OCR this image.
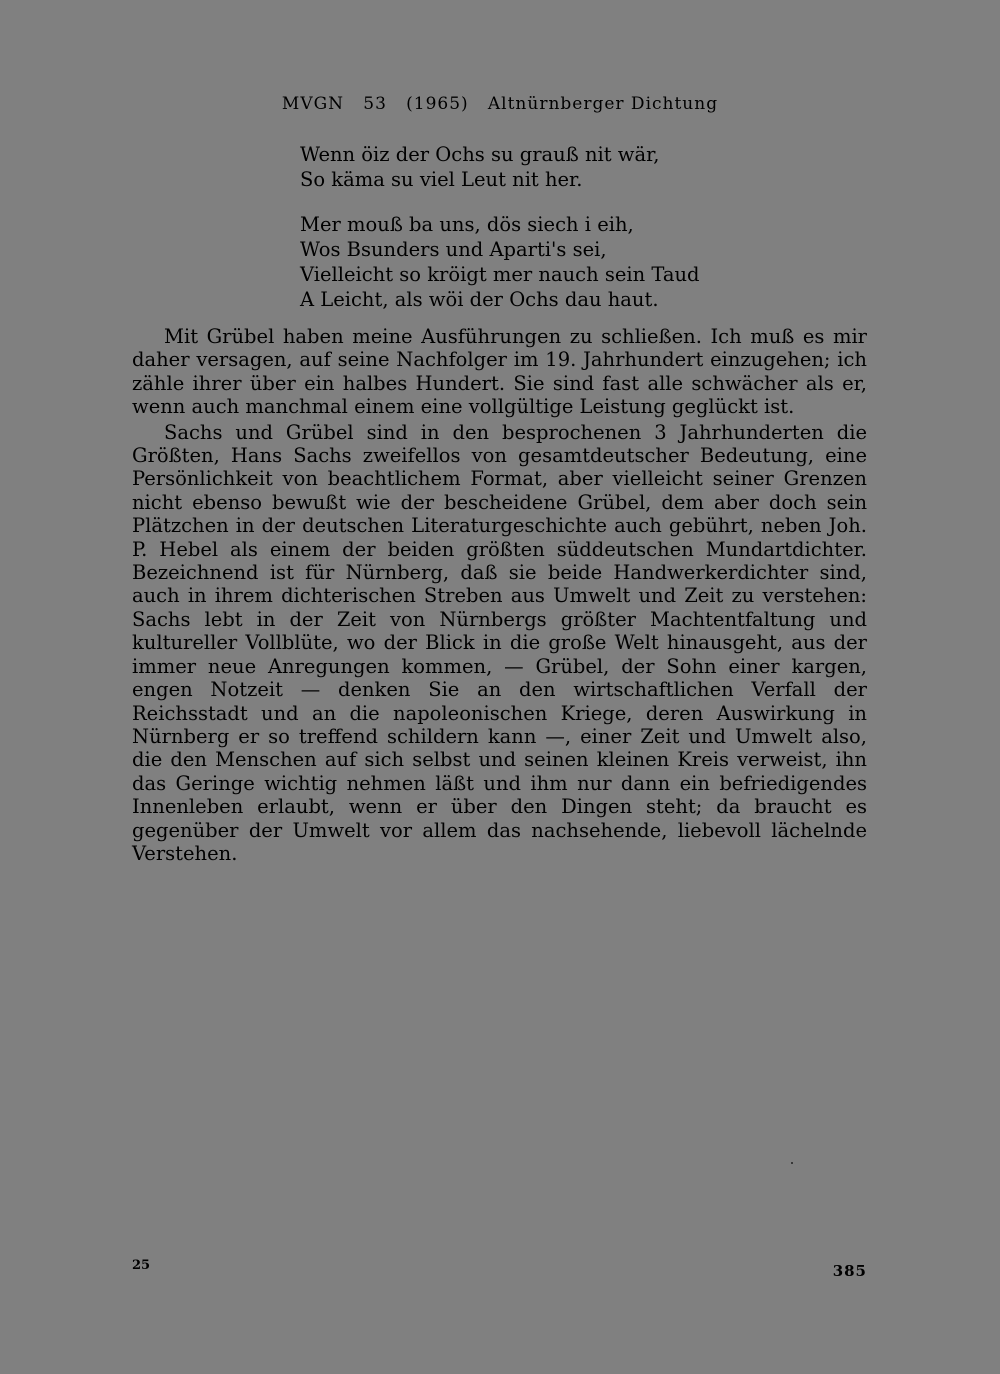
MVGN 53 (1965) Altnürnberger Dichtung
Wenn öiz der Ochs su grauß nit wär,
So käma su viel Leut nit her.
Mer mouß ba uns, dös siech i eih,
Wos Bsunders und Aparti's sei,
Vielleicht so kröigt mer nauch sein Taud
A Leicht, als wöi der Ochs dau haut.

Mit Grübel haben meine Ausführungen zu schließen. Ich muß es mir daher versagen, auf seine Nachfolger im 19. Jahrhundert einzugehen; ich zähle ihrer über ein halbes Hundert. Sie sind fast alle schwächer als er, wenn auch manchmal einem eine vollgültige Leistung geglückt ist.

Sachs und Grübel sind in den besprochenen 3 Jahrhunderten die Größten, Hans Sachs zweifellos von gesamtdeutscher Bedeutung, eine Persönlichkeit von beachtlichem Format, aber vielleicht seiner Grenzen nicht ebenso bewußt wie der bescheidene Grübel, dem aber doch sein Plätzchen in der deutschen Literaturgeschichte auch gebührt, neben Joh. P. Hebel als einem der beiden größten süddeutschen Mundartdichter. Bezeichnend ist für Nürnberg, daß sie beide Handwerkerdichter sind, auch in ihrem dichterischen Streben aus Umwelt und Zeit zu verstehen: Sachs lebt in der Zeit von Nürnbergs größter Machtentfaltung und kultureller Vollblüte, wo der Blick in die große Welt hinausgeht, aus der immer neue Anregungen kommen, — Grübel, der Sohn einer kargen, engen Notzeit — denken Sie an den wirtschaftlichen Verfall der Reichsstadt und an die napoleonischen Kriege, deren Auswirkung in Nürnberg er so treffend schildern kann —, einer Zeit und Umwelt also, die den Menschen auf sich selbst und seinen kleinen Kreis verweist, ihn das Geringe wichtig nehmen läßt und ihm nur dann ein befriedigendes Innenleben erlaubt, wenn er über den Dingen steht; da braucht es gegenüber der Umwelt vor allem das nachsehende, liebevoll lächelnde Verstehen.

25	385
